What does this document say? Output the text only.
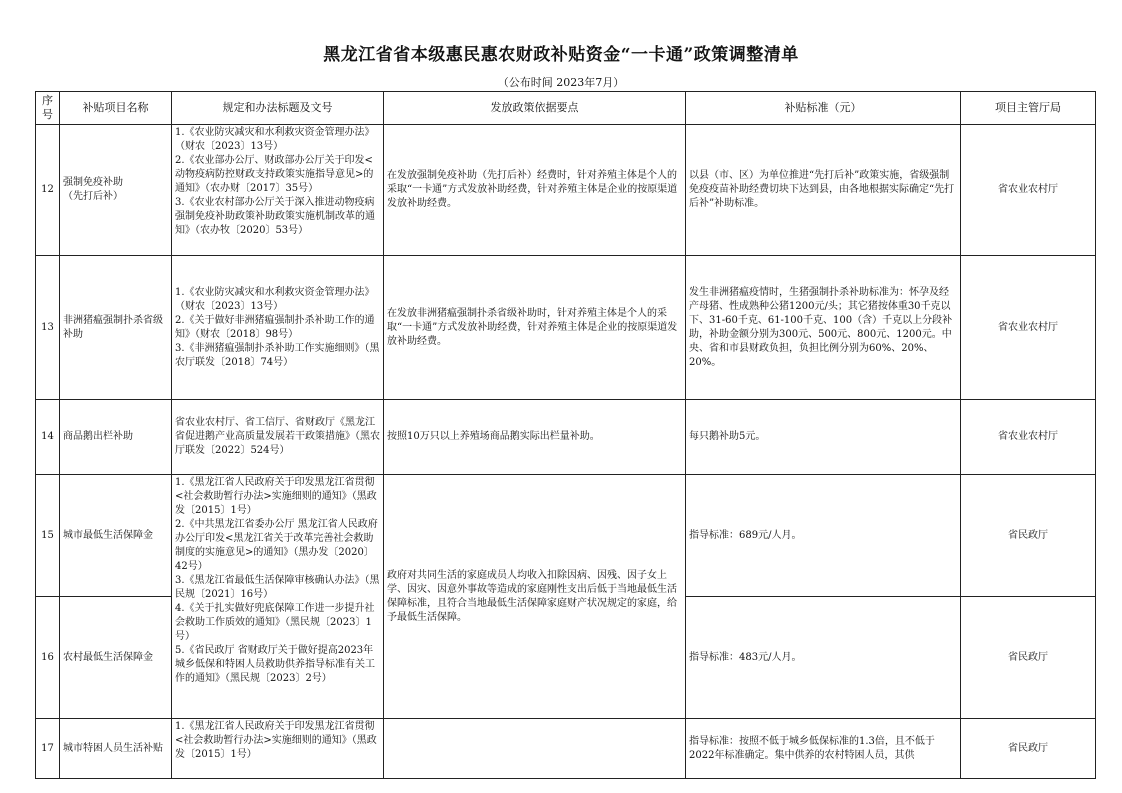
黑龙江省省本级惠民惠农财政补贴资金“一卡通”政策调整清单
（公布时间 2023年7月）
序号	补贴项目名称	规定和办法标题及文号	发放政策依据要点	补贴标准（元）	项目主管厅局
12	强制免疫补助
（先打后补）	1.《农业防灾减灾和水利救灾资金管理办法》（财农〔2023〕13号）
2.《农业部办公厅、财政部办公厅关于印发<动物疫病防控财政支持政策实施指导意见>的通知》（农办财〔2017〕35号）
3.《农业农村部办公厅关于深入推进动物疫病强制免疫补助政策补助政策实施机制改革的通知》（农办牧〔2020〕53号）	在发放强制免疫补助（先打后补）经费时，针对养殖主体是个人的采取“一卡通”方式发放补助经费，针对养殖主体是企业的按原渠道发放补助经费。	以县（市、区）为单位推进“先打后补”政策实施，省级强制免疫疫苗补助经费切块下达到县，由各地根据实际确定“先打后补”补助标准。	省农业农村厅
13	非洲猪瘟强制扑杀省级补助	1.《农业防灾减灾和水利救灾资金管理办法》（财农〔2023〕13号）
2.《关于做好非洲猪瘟强制扑杀补助工作的通知》（财农〔2018〕98号）
3.《非洲猪瘟强制扑杀补助工作实施细则》（黑农厅联发〔2018〕74号）	在发放非洲猪瘟强制扑杀省级补助时，针对养殖主体是个人的采取“一卡通”方式发放补助经费，针对养殖主体是企业的按原渠道发放补助经费。	发生非洲猪瘟疫情时，生猪强制扑杀补助标准为：怀孕及经产母猪、性成熟种公猪1200元/头；其它猪按体重30千克以下、31-60千克、61-100千克、100（含）千克以上分段补助，补助金额分别为300元、500元、800元、1200元。中央、省和市县财政负担，负担比例分别为60%、20%、20%。	省农业农村厅
14	商品鹅出栏补助	省农业农村厅、省工信厅、省财政厅《黑龙江省促进鹅产业高质量发展若干政策措施》（黑农厅联发〔2022〕524号）	按照10万只以上养殖场商品鹅实际出栏量补助。	每只鹅补助5元。	省农业农村厅
15	城市最低生活保障金	1.《黑龙江省人民政府关于印发黑龙江省贯彻<社会救助暂行办法>实施细则的通知》（黑政发〔2015〕1号）
2.《中共黑龙江省委办公厅 黑龙江省人民政府办公厅印发<黑龙江省关于改革完善社会救助制度的实施意见>的通知》（黑办发〔2020〕42号）
3.《黑龙江省最低生活保障审核确认办法》（黑民规〔2021〕16号）
4.《关于扎实做好兜底保障工作进一步提升社会救助工作质效的通知》（黑民规〔2023〕1号）
5.《省民政厅 省财政厅关于做好提高2023年城乡低保和特困人员救助供养指导标准有关工作的通知》（黑民规〔2023〕2号）	政府对共同生活的家庭成员人均收入扣除因病、因残、因子女上学、因灾、因意外事故等造成的家庭刚性支出后低于当地最低生活保障标准，且符合当地最低生活保障家庭财产状况规定的家庭，给予最低生活保障。	指导标准：689元/人月。	省民政厅
16	农村最低生活保障金			指导标准：483元/人月。	省民政厅
17	城市特困人员生活补贴	1.《黑龙江省人民政府关于印发黑龙江省贯彻<社会救助暂行办法>实施细则的通知》（黑政发〔2015〕1号）		指导标准：按照不低于城乡低保标准的1.3倍，且不低于2022年标准确定。集中供养的农村特困人员，其供	省民政厅
